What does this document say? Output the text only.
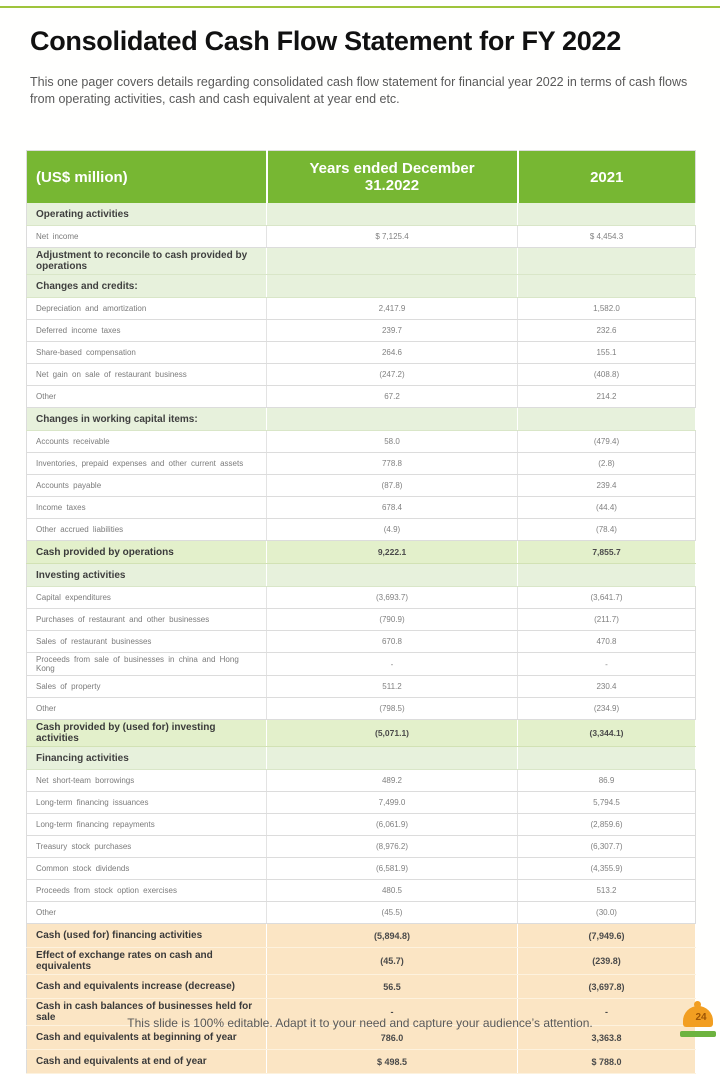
Consolidated Cash Flow Statement for FY 2022

This one pager covers details regarding consolidated cash flow statement for financial year 2022 in terms of cash flows from operating activities, cash and cash equivalent at year end etc.

(US$ million)	Years ended December 31.2022	2021
Operating activities		
Net income	$ 7,125.4	$ 4,454.3
Adjustment to reconcile to cash provided by operations		
Changes and credits:		
Depreciation and amortization	2,417.9	1,582.0
Deferred income taxes	239.7	232.6
Share-based compensation	264.6	155.1
Net gain on sale of restaurant business	(247.2)	(408.8)
Other	67.2	214.2
Changes in working capital items:		
Accounts receivable	58.0	(479.4)
Inventories, prepaid expenses and other current assets	778.8	(2.8)
Accounts payable	(87.8)	239.4
Income taxes	678.4	(44.4)
Other accrued liabilities	(4.9)	(78.4)
Cash provided by operations	9,222.1	7,855.7
Investing activities		
Capital expenditures	(3,693.7)	(3,641.7)
Purchases of restaurant and other businesses	(790.9)	(211.7)
Sales of restaurant businesses	670.8	470.8
Proceeds from sale of businesses in china and Hong Kong	-	-
Sales of property	511.2	230.4
Other	(798.5)	(234.9)
Cash provided by (used for) investing activities	(5,071.1)	(3,344.1)
Financing activities		
Net short-team borrowings	489.2	86.9
Long-term financing issuances	7,499.0	5,794.5
Long-term financing repayments	(6,061.9)	(2,859.6)
Treasury stock purchases	(8,976.2)	(6,307.7)
Common stock dividends	(6,581.9)	(4,355.9)
Proceeds from stock option exercises	480.5	513.2
Other	(45.5)	(30.0)
Cash (used for) financing activities	(5,894.8)	(7,949.6)
Effect of exchange rates on cash and equivalents	(45.7)	(239.8)
Cash and equivalents increase (decrease)	56.5	(3,697.8)
Cash in cash balances of businesses held for sale	-	-
Cash and equivalents at beginning of year	786.0	3,363.8
Cash and equivalents at end of year	$ 498.5	$ 788.0
This slide is 100% editable. Adapt it to your need and capture your audience’s attention.	24
